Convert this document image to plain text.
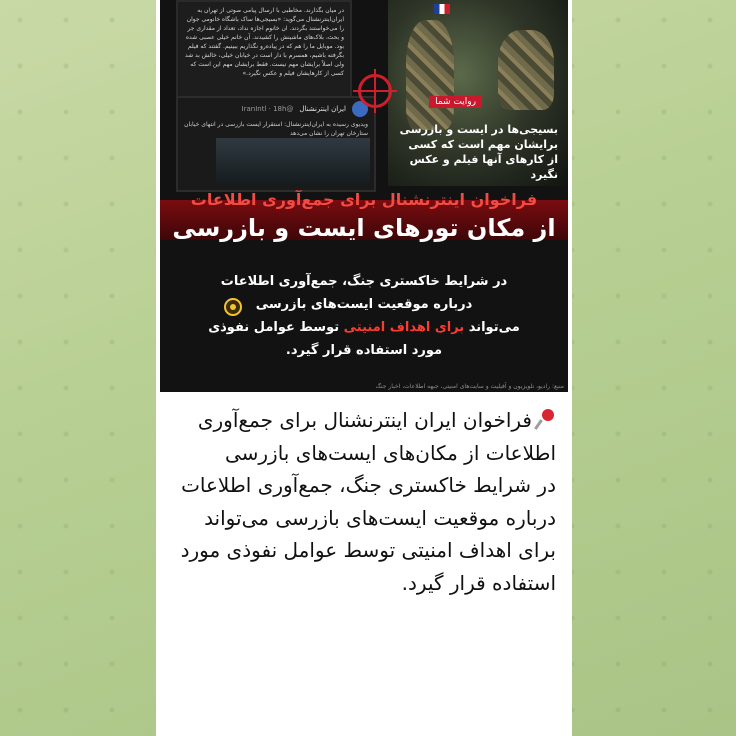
در میان بگذارند. مخاطبی با ارسال پیامی صوتی از تهران به ایران‌اینترنشنال می‌گوید: «بسیجی‌ها ساک باشگاه خانومی جوان را می‌خواستند بگردند. ان خانوم اجازه نداد، تعداد از مقداری جر و بحث، بلاک‌های ماشینش را کشیدند. آن خانم خیلی عصبی شده بود. موبایل ما را هم که در پیاده‌رو نگذاریم ببینیم. گفتند که فیلم بگرفته باشیم، همسرم با دار است در خیابان خیلی، خالش بد شد ولی اصلاً برایشان مهم نیست. فقط برایشان مهم این است که کسی از کارهایشان فیلم و عکس نگیرد.»
ایران اینترنشنال
@IranIntl · 18h
ویدیوی رسیده به ایران‌اینترنشنال: استقرار ایست بازرسی در انتهای خیابان ستارخان تهران را نشان می‌دهد
روایت شما
بسیجی‌ها در ایست و بازرسی برایشان مهم است که کسی از کارهای آنها فیلم و عکس نگیرد
فراخوان اینترنشنال برای جمع‌آوری اطلاعات
از مکان تورهای ایست و بازرسی
در شرایط خاکستری جنگ، جمع‌آوری اطلاعات
درباره موقعیت ایست‌های بازرسی
می‌تواند برای اهداف امنیتی توسط عوامل نفوذی
مورد استفاده قرار گیرد.
منبع: رادیو، تلویزیون و آفیلیت و سایت‌های امنیتی، جبهه اطلاعات، اخبار جنگ
فراخوان ایران اینترنشنال برای جمع‌آوری اطلاعات از مکان‌های ایست‌های بازرسی
در شرایط خاکستری جنگ، جمع‌آوری اطلاعات درباره موقعیت ایست‌های بازرسی می‌تواند برای اهداف امنیتی توسط عوامل نفوذی مورد استفاده قرار گیرد.
